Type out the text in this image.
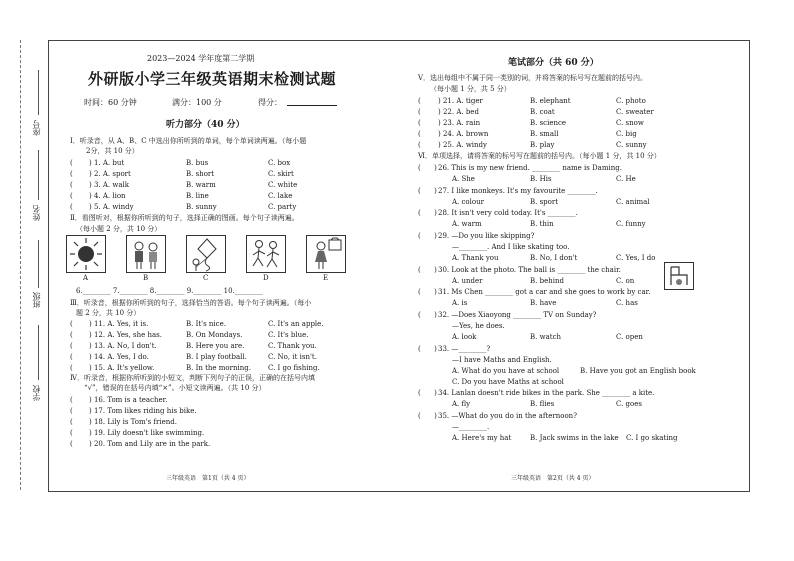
座号
姓名
班级
学校
2023—2024 学年度第二学期
外研版小学三年级英语期末检测试题
时间：60 分钟	满分：100 分	得分：
听力部分（40 分）
Ⅰ．听录音，从 A、B、C 中选出你所听到的单词，每个单词读两遍。（每小题
2分，共 10 分）
( ) 1. A. but	B. bus	C. box
( ) 2. A. sport	B. short	C. skirt
( ) 3. A. walk	B. warm	C. white
( ) 4. A. lion	B. line	C. lake
( ) 5. A. windy	B. sunny	C. party
Ⅱ．看图听对，根据你所听到的句子，选择正确的图画。每个句子读两遍。
（每小题 2 分，共 10 分）
A	B	C	D	E
6.________ 7.________ 8.________ 9.________ 10.________
Ⅲ．听录音，根据你所听到的句子，选择恰当的答语。每个句子读两遍。（每小
题 2 分，共 10 分）
( ) 11. A. Yes, it is.	B. It's nice.	C. It's an apple.
( ) 12. A. Yes, she has.	B. On Mondays.	C. It's blue.
( ) 13. A. No, I don't.	B. Here you are.	C. Thank you.
( ) 14. A. Yes, I do.	B. I play football.	C. No, it isn't.
( ) 15. A. It's yellow.	B. In the morning. C. I go fishing.
Ⅳ．听录音，根据你所听到的小短文，判断下列句子的正误，正确的在括号内填
“√”，错误的在括号内填“×”。小短文读两遍。（共 10 分）
( ) 16. Tom is a teacher.
( ) 17. Tom likes riding his bike.
( ) 18. Lily is Tom's friend.
( ) 19. Lily doesn't like swimming.
( ) 20. Tom and Lily are in the park.
三年级英语　第1页（共 4 页）
笔试部分（共 60 分）
Ⅴ．选出每组中不属于同一类别的词，并将答案的标号写在题前的括号内。
（每小题 1 分，共 5 分）
( ) 21. A. tiger	B. elephant	C. photo
( ) 22. A. bed	B. coat	C. sweater
( ) 23. A. rain	B. science	C. snow
( ) 24. A. brown	B. small	C. big
( ) 25. A. windy	B. play	C. sunny
Ⅵ．单项选择，请将答案的标号写在题前的括号内。（每小题 1 分，共 10 分）
(      ) 26. This is my new friend. ________ name is Daming.
A. She	B. His	C. He
(      ) 27. I like monkeys. It's my favourite ________.
A. colour	B. sport	C. animal
(      ) 28. It isn't very cold today. It's ________.
A. warm	B. thin	C. funny
(      ) 29. —Do you like skipping?
—________. And I like skating too.
A. Thank you	B. No, I don't	C. Yes, I do
(      ) 30. Look at the photo. The ball is ________ the chair.
A. under	B. behind	C. on
(      ) 31. Ms Chen ________ got a car and she goes to work by car.
A. is	B. have	C. has
(      ) 32. —Does Xiaoyong ________ TV on Sunday?
—Yes, he does.
A. look	B. watch	C. open
(      ) 33. —________?
—I have Maths and English.
A. What do you have at school	B. Have you got an English book
C. Do you have Maths at school
(      ) 34. Lanlan doesn't ride bikes in the park. She ________ a kite.
A. fly	B. flies	C. goes
(      ) 35. —What do you do in the afternoon?
—________.
A. Here's my hat	B. Jack swims in the lake C. I go skating
三年级英语　第2页（共 4 页）
